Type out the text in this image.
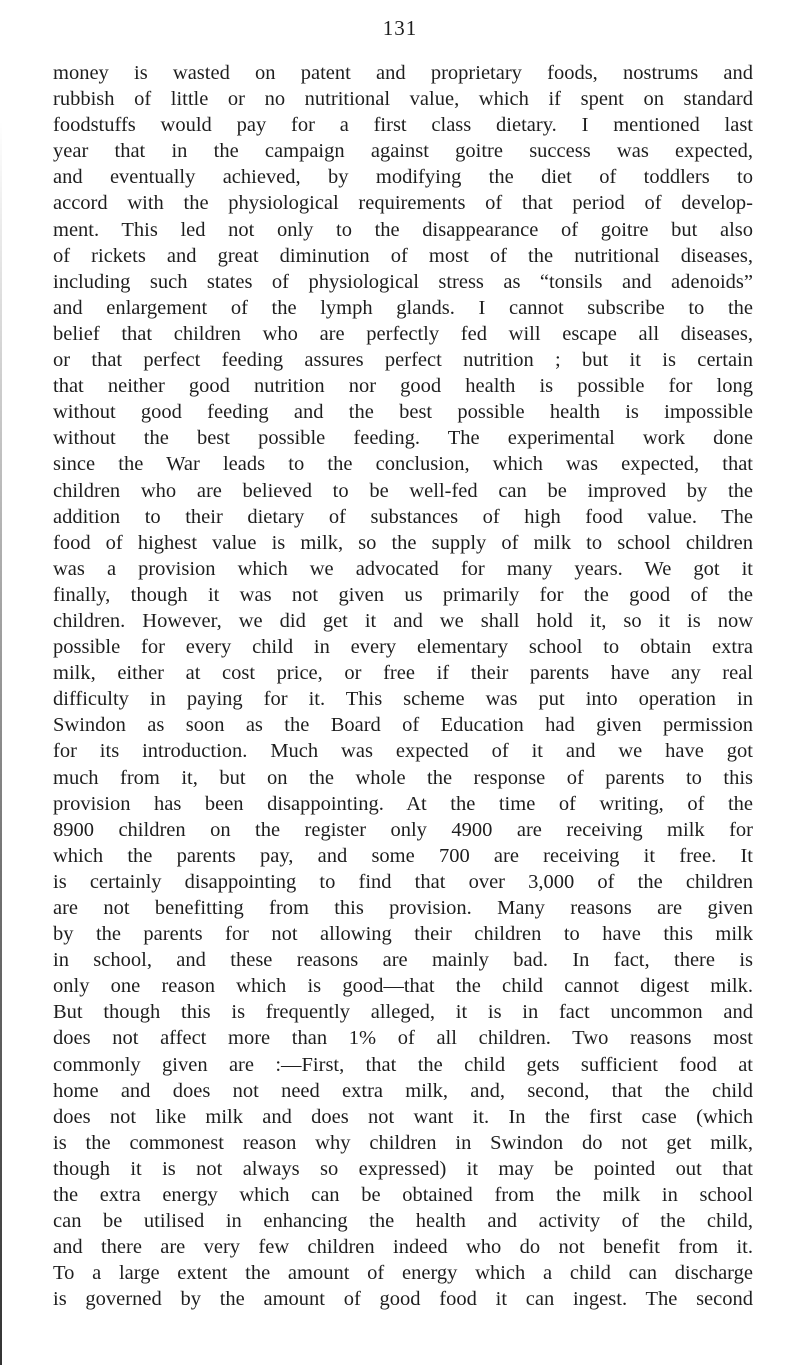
131
money is wasted on patent and proprietary foods, nostrums and
rubbish of little or no nutritional value, which if spent on standard
foodstuffs would pay for a first class dietary. I mentioned last
year that in the campaign against goitre success was expected,
and eventually achieved, by modifying the diet of toddlers to
accord with the physiological requirements of that period of develop-
ment. This led not only to the disappearance of goitre but also
of rickets and great diminution of most of the nutritional diseases,
including such states of physiological stress as “tonsils and adenoids”
and enlargement of the lymph glands. I cannot subscribe to the
belief that children who are perfectly fed will escape all diseases,
or that perfect feeding assures perfect nutrition ; but it is certain
that neither good nutrition nor good health is possible for long
without good feeding and the best possible health is impossible
without the best possible feeding. The experimental work done
since the War leads to the conclusion, which was expected, that
children who are believed to be well-fed can be improved by the
addition to their dietary of substances of high food value. The
food of highest value is milk, so the supply of milk to school children
was a provision which we advocated for many years. We got it
finally, though it was not given us primarily for the good of the
children. However, we did get it and we shall hold it, so it is now
possible for every child in every elementary school to obtain extra
milk, either at cost price, or free if their parents have any real
difficulty in paying for it. This scheme was put into operation in
Swindon as soon as the Board of Education had given permission
for its introduction. Much was expected of it and we have got
much from it, but on the whole the response of parents to this
provision has been disappointing. At the time of writing, of the
8900 children on the register only 4900 are receiving milk for
which the parents pay, and some 700 are receiving it free. It
is certainly disappointing to find that over 3,000 of the children
are not benefitting from this provision. Many reasons are given
by the parents for not allowing their children to have this milk
in school, and these reasons are mainly bad. In fact, there is
only one reason which is good—that the child cannot digest milk.
But though this is frequently alleged, it is in fact uncommon and
does not affect more than 1% of all children. Two reasons most
commonly given are :—First, that the child gets sufficient food at
home and does not need extra milk, and, second, that the child
does not like milk and does not want it. In the first case (which
is the commonest reason why children in Swindon do not get milk,
though it is not always so expressed) it may be pointed out that
the extra energy which can be obtained from the milk in school
can be utilised in enhancing the health and activity of the child,
and there are very few children indeed who do not benefit from it.
To a large extent the amount of energy which a child can discharge
is governed by the amount of good food it can ingest. The second
